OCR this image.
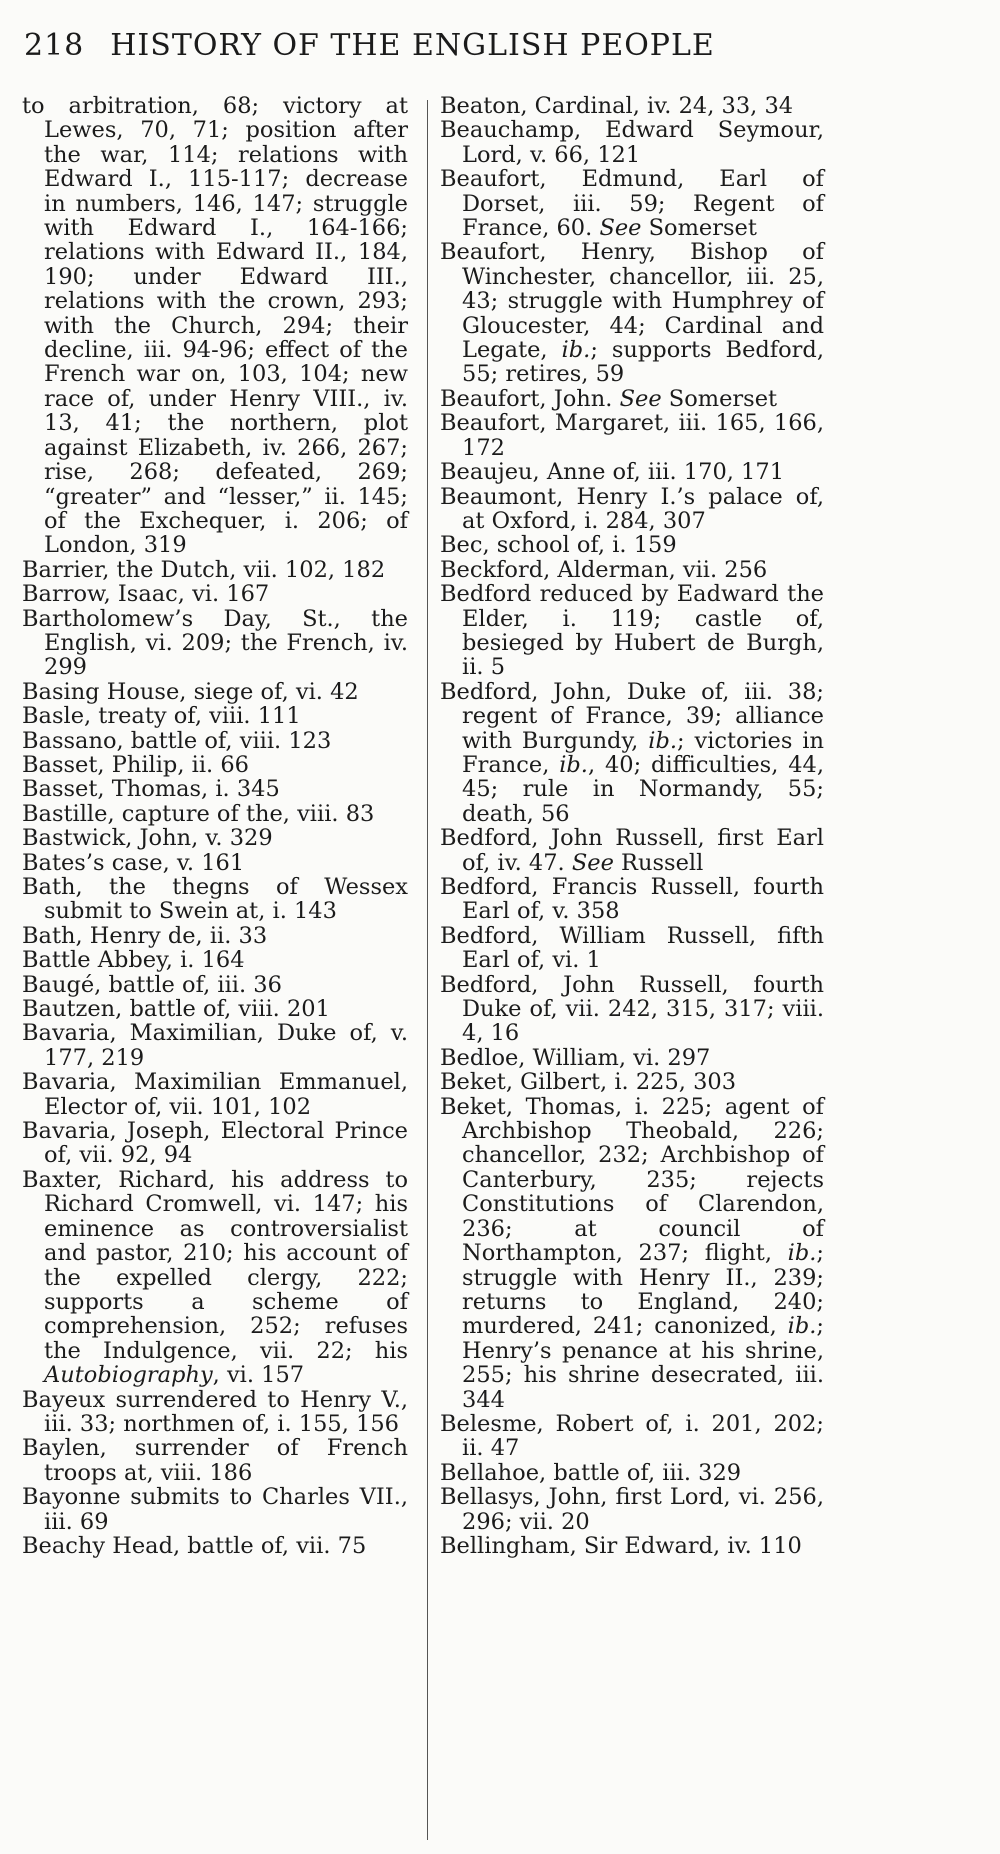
218 HISTORY OF THE ENGLISH PEOPLE

to arbitration, 68; victory at Lewes, 70, 71; position after the war, 114; relations with Edward I., 115-117; decrease in numbers, 146, 147; struggle with Edward I., 164-166; relations with Edward II., 184, 190; under Edward III., relations with the crown, 293; with the Church, 294; their decline, iii. 94-96; effect of the French war on, 103, 104; new race of, under Henry VIII., iv. 13, 41; the northern, plot against Elizabeth, iv. 266, 267; rise, 268; defeated, 269; “greater” and “lesser,” ii. 145; of the Exchequer, i. 206; of London, 319

Barrier, the Dutch, vii. 102, 182

Barrow, Isaac, vi. 167

Bartholomew’s Day, St., the English, vi. 209; the French, iv. 299

Basing House, siege of, vi. 42

Basle, treaty of, viii. 111

Bassano, battle of, viii. 123

Basset, Philip, ii. 66

Basset, Thomas, i. 345

Bastille, capture of the, viii. 83

Bastwick, John, v. 329

Bates’s case, v. 161

Bath, the thegns of Wessex submit to Swein at, i. 143

Bath, Henry de, ii. 33

Battle Abbey, i. 164

Baugé, battle of, iii. 36

Bautzen, battle of, viii. 201

Bavaria, Maximilian, Duke of, v. 177, 219

Bavaria, Maximilian Emmanuel, Elector of, vii. 101, 102

Bavaria, Joseph, Electoral Prince of, vii. 92, 94

Baxter, Richard, his address to Richard Cromwell, vi. 147; his eminence as controversialist and pastor, 210; his account of the expelled clergy, 222; supports a scheme of comprehension, 252; refuses the Indulgence, vii. 22; his Autobiography, vi. 157

Bayeux surrendered to Henry V., iii. 33; northmen of, i. 155, 156

Baylen, surrender of French troops at, viii. 186

Bayonne submits to Charles VII., iii. 69

Beachy Head, battle of, vii. 75

Beaton, Cardinal, iv. 24, 33, 34

Beauchamp, Edward Seymour, Lord, v. 66, 121

Beaufort, Edmund, Earl of Dorset, iii. 59; Regent of France, 60. See Somerset

Beaufort, Henry, Bishop of Winchester, chancellor, iii. 25, 43; struggle with Humphrey of Gloucester, 44; Cardinal and Legate, ib.; supports Bedford, 55; retires, 59

Beaufort, John. See Somerset

Beaufort, Margaret, iii. 165, 166, 172

Beaujeu, Anne of, iii. 170, 171

Beaumont, Henry I.’s palace of, at Oxford, i. 284, 307

Bec, school of, i. 159

Beckford, Alderman, vii. 256

Bedford reduced by Eadward the Elder, i. 119; castle of, besieged by Hubert de Burgh, ii. 5

Bedford, John, Duke of, iii. 38; regent of France, 39; alliance with Burgundy, ib.; victories in France, ib., 40; difficulties, 44, 45; rule in Normandy, 55; death, 56

Bedford, John Russell, first Earl of, iv. 47. See Russell

Bedford, Francis Russell, fourth Earl of, v. 358

Bedford, William Russell, fifth Earl of, vi. 1

Bedford, John Russell, fourth Duke of, vii. 242, 315, 317; viii. 4, 16

Bedloe, William, vi. 297

Beket, Gilbert, i. 225, 303

Beket, Thomas, i. 225; agent of Archbishop Theobald, 226; chancellor, 232; Archbishop of Canterbury, 235; rejects Constitutions of Clarendon, 236; at council of Northampton, 237; flight, ib.; struggle with Henry II., 239; returns to England, 240; murdered, 241; canonized, ib.; Henry’s penance at his shrine, 255; his shrine desecrated, iii. 344

Belesme, Robert of, i. 201, 202; ii. 47

Bellahoe, battle of, iii. 329

Bellasys, John, first Lord, vi. 256, 296; vii. 20

Bellingham, Sir Edward, iv. 110
